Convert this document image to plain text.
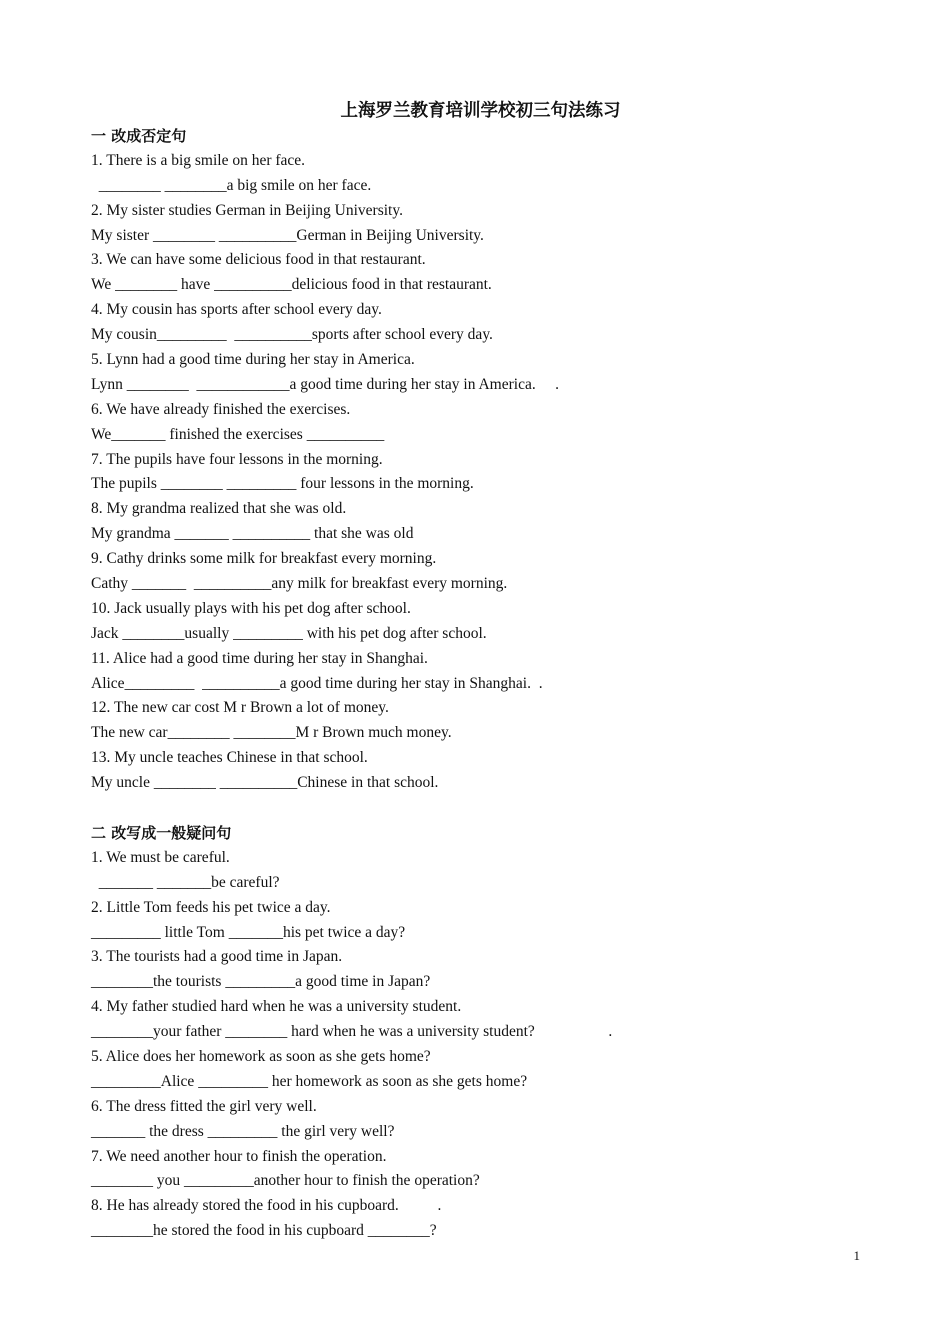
上海罗兰教育培训学校初三句法练习
一 改成否定句
1. There is a big smile on her face.
________ ________a big smile on her face.
2. My sister studies German in Beijing University.
My sister ________ __________German in Beijing University.
3. We can have some delicious food in that restaurant.
We ________ have __________delicious food in that restaurant.
4. My cousin has sports after school every day.
My cousin_________  __________sports after school every day.
5. Lynn had a good time during her stay in America.
Lynn ________  ____________a good time during her stay in America.     .
6. We have already finished the exercises.
We_______ finished the exercises __________
7. The pupils have four lessons in the morning.
The pupils ________ _________ four lessons in the morning.
8. My grandma realized that she was old.
My grandma _______ __________ that she was old
9. Cathy drinks some milk for breakfast every morning.
Cathy _______  __________any milk for breakfast every morning.
10. Jack usually plays with his pet dog after school.
Jack ________usually _________ with his pet dog after school.
11. Alice had a good time during her stay in Shanghai.
Alice_________  __________a good time during her stay in Shanghai.  .
12. The new car cost M r Brown a lot of money.
The new car________ ________M r Brown much money.
13. My uncle teaches Chinese in that school.
My uncle ________ __________Chinese in that school.
二 改写成一般疑问句
1. We must be careful.
_______ _______be careful?
2. Little Tom feeds his pet twice a day.
_________ little Tom _______his pet twice a day?
3. The tourists had a good time in Japan.
________the tourists _________a good time in Japan?
4. My father studied hard when he was a university student.
________your father ________ hard when he was a university student?                   .
5. Alice does her homework as soon as she gets home?
_________Alice _________ her homework as soon as she gets home?
6. The dress fitted the girl very well.
_______ the dress _________ the girl very well?
7. We need another hour to finish the operation.
________ you _________another hour to finish the operation?
8. He has already stored the food in his cupboard.          .
________he stored the food in his cupboard ________?
1
